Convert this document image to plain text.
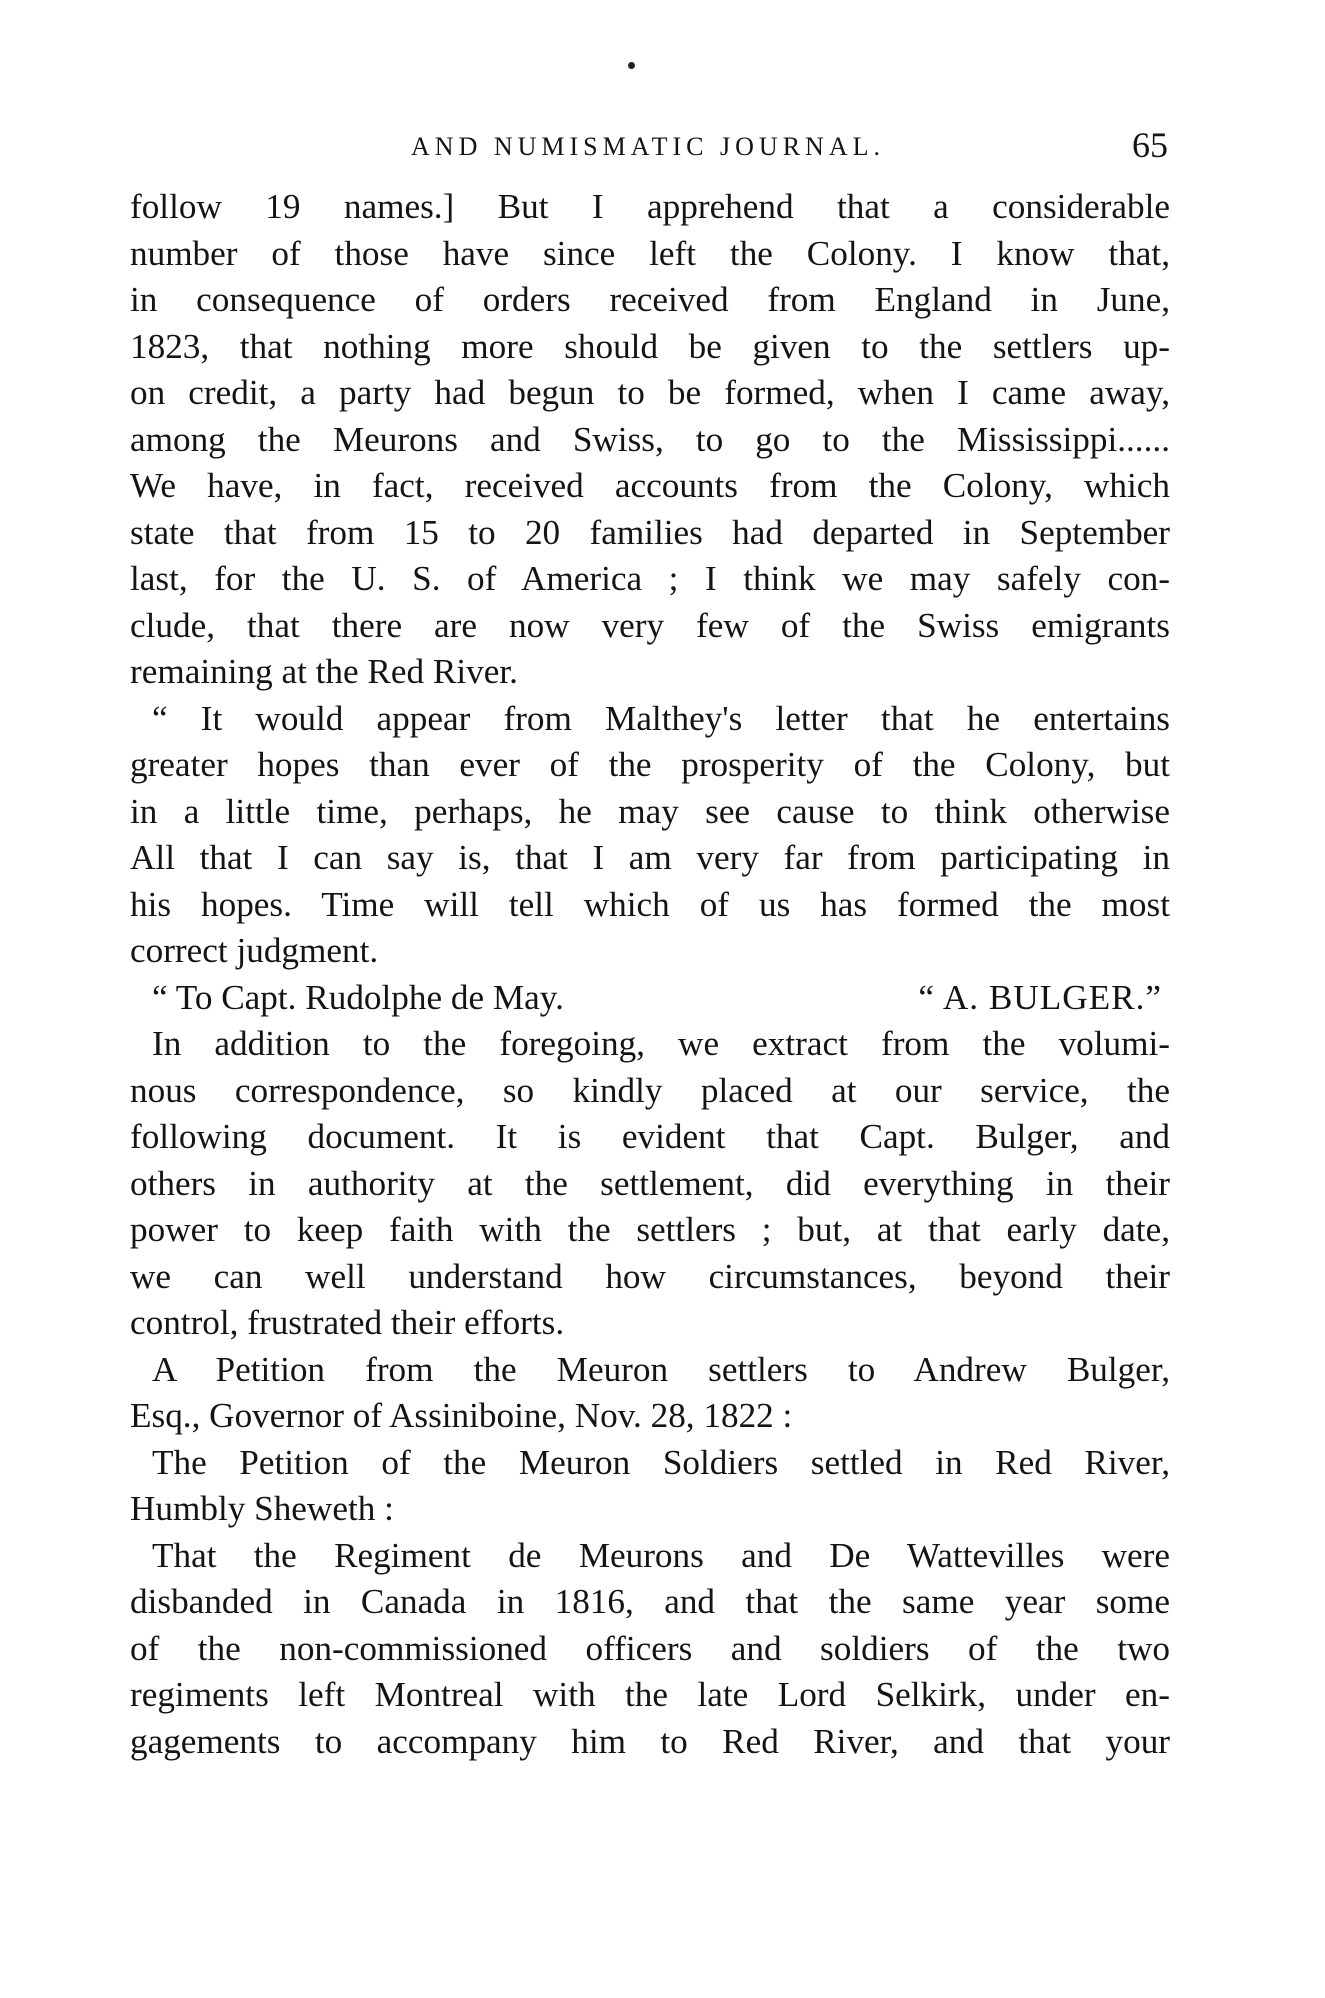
AND NUMISMATIC JOURNAL.	65
follow 19 names.] But I apprehend that a considerable
number of those have since left the Colony. I know that,
in consequence of orders received from England in June,
1823, that nothing more should be given to the settlers up-
on credit, a party had begun to be formed, when I came away,
among the Meurons and Swiss, to go to the Mississippi......
We have, in fact, received accounts from the Colony, which
state that from 15 to 20 families had departed in September
last, for the U. S. of America ; I think we may safely con-
clude, that there are now very few of the Swiss emigrants
remaining at the Red River.
“ It would appear from Malthey's letter that he entertains
greater hopes than ever of the prosperity of the Colony, but
in a little time, perhaps, he may see cause to think otherwise
All that I can say is, that I am very far from participating in
his hopes. Time will tell which of us has formed the most
correct judgment.
“ To Capt. Rudolphe de May.	“ A. BULGER.”
In addition to the foregoing, we extract from the volumi-
nous correspondence, so kindly placed at our service, the
following document. It is evident that Capt. Bulger, and
others in authority at the settlement, did everything in their
power to keep faith with the settlers ; but, at that early date,
we can well understand how circumstances, beyond their
control, frustrated their efforts.
A Petition from the Meuron settlers to Andrew Bulger,
Esq., Governor of Assiniboine, Nov. 28, 1822 :
The Petition of the Meuron Soldiers settled in Red River,
Humbly Sheweth :
That the Regiment de Meurons and De Wattevilles were
disbanded in Canada in 1816, and that the same year some
of the non-commissioned officers and soldiers of the two
regiments left Montreal with the late Lord Selkirk, under en-
gagements to accompany him to Red River, and that your
